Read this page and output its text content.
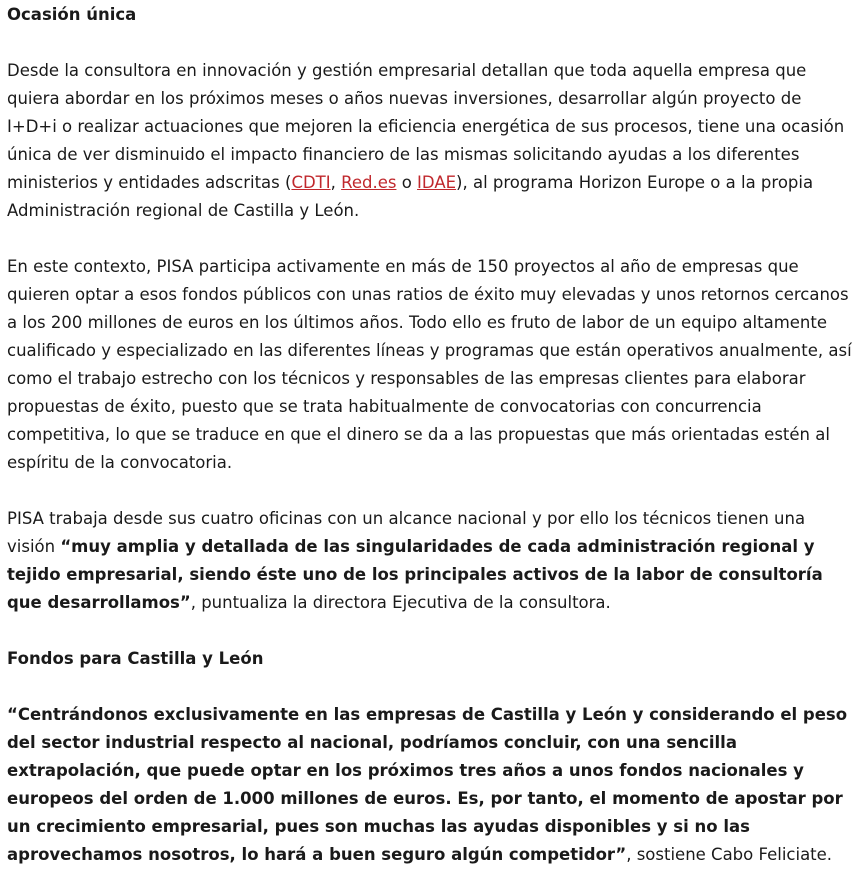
Ocasión única

Desde la consultora en innovación y gestión empresarial detallan que toda aquella empresa que quiera abordar en los próximos meses o años nuevas inversiones, desarrollar algún proyecto de I+D+i o realizar actuaciones que mejoren la eficiencia energética de sus procesos, tiene una ocasión única de ver disminuido el impacto financiero de las mismas solicitando ayudas a los diferentes ministerios y entidades adscritas (CDTI, Red.es o IDAE), al programa Horizon Europe o a la propia Administración regional de Castilla y León.

En este contexto, PISA participa activamente en más de 150 proyectos al año de empresas que quieren optar a esos fondos públicos con unas ratios de éxito muy elevadas y unos retornos cercanos a los 200 millones de euros en los últimos años. Todo ello es fruto de labor de un equipo altamente cualificado y especializado en las diferentes líneas y programas que están operativos anualmente, así como el trabajo estrecho con los técnicos y responsables de las empresas clientes para elaborar propuestas de éxito, puesto que se trata habitualmente de convocatorias con concurrencia competitiva, lo que se traduce en que el dinero se da a las propuestas que más orientadas estén al espíritu de la convocatoria.

PISA trabaja desde sus cuatro oficinas con un alcance nacional y por ello los técnicos tienen una visión “muy amplia y detallada de las singularidades de cada administración regional y tejido empresarial, siendo éste uno de los principales activos de la labor de consultoría que desarrollamos”, puntualiza la directora Ejecutiva de la consultora.

Fondos para Castilla y León

“Centrándonos exclusivamente en las empresas de Castilla y León y considerando el peso del sector industrial respecto al nacional, podríamos concluir, con una sencilla extrapolación, que puede optar en los próximos tres años a unos fondos nacionales y europeos del orden de 1.000 millones de euros. Es, por tanto, el momento de apostar por un crecimiento empresarial, pues son muchas las ayudas disponibles y si no las aprovechamos nosotros, lo hará a buen seguro algún competidor”, sostiene Cabo Feliciate.
